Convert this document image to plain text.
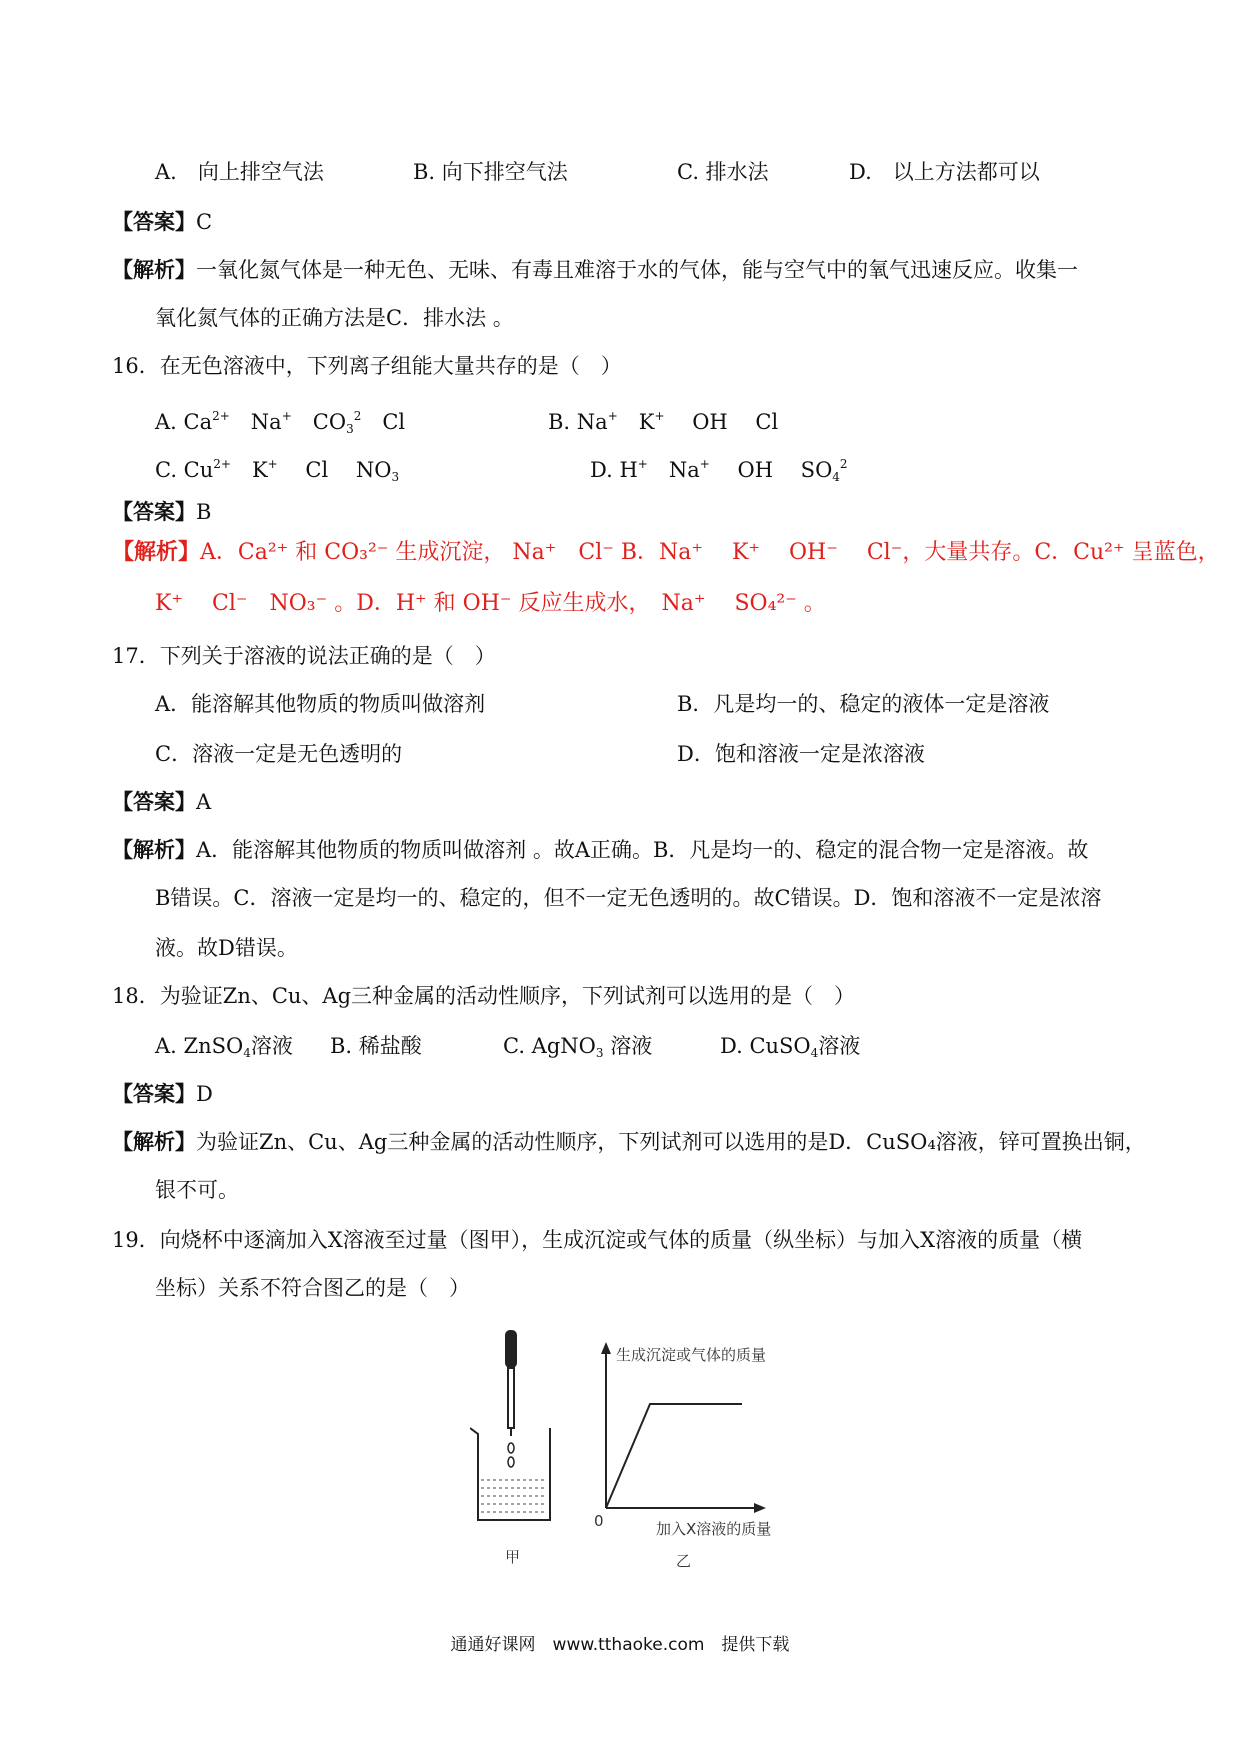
A.　向上排空气法	B. 向下排空气法	C. 排水法	D.　以上方法都可以
【答案】C
【解析】一氧化氮气体是一种无色、无味、有毒且难溶于水的气体，能与空气中的氧气迅速反应。收集一
氧化氮气体的正确方法是C．排水法 。
16．在无色溶液中，下列离子组能大量共存的是（　）
A. $Ca^{2+}$　Na+　$CO_3^2$　Cl	B. Na+　K+　 OH　 Cl
C. $Cu^{2+}$　K+　 Cl　 $NO_3$	D. H+　Na+　 OH　 $SO_4^2$
【答案】B
【解析】A．Ca²⁺ 和 CO₃²⁻ 生成沉淀， Na⁺　Cl⁻ B．Na⁺　 K⁺　 OH⁻　 Cl⁻，大量共存。C．Cu²⁺ 呈蓝色，
K⁺　 Cl⁻　NO₃⁻ 。D．H⁺ 和 OH⁻ 反应生成水，　Na⁺　 SO₄²⁻ 。
17．下列关于溶液的说法正确的是（　）
A．能溶解其他物质的物质叫做溶剂	B．凡是均一的、稳定的液体一定是溶液
C．溶液一定是无色透明的	D．饱和溶液一定是浓溶液
【答案】A
【解析】A．能溶解其他物质的物质叫做溶剂 。故A正确。B．凡是均一的、稳定的混合物一定是溶液。故
B错误。C．溶液一定是均一的、稳定的，但不一定无色透明的。故C错误。D．饱和溶液不一定是浓溶
液。故D错误。
18．为验证Zn、Cu、Ag三种金属的活动性顺序，下列试剂可以选用的是（　）
A. ZnSO$_4$溶液 B. 稀盐酸	C. AgNO$_3$ 溶液	D. CuSO$_4$溶液
【答案】D
【解析】为验证Zn、Cu、Ag三种金属的活动性顺序，下列试剂可以选用的是D．CuSO₄溶液，锌可置换出铜，
银不可。
19．向烧杯中逐滴加入X溶液至过量（图甲），生成沉淀或气体的质量（纵坐标）与加入X溶液的质量（横
坐标）关系不符合图乙的是（　）
甲
生成沉淀或气体的质量
0	加入X溶液的质量
乙
通通好课网　www.tthaoke.com　提供下载
